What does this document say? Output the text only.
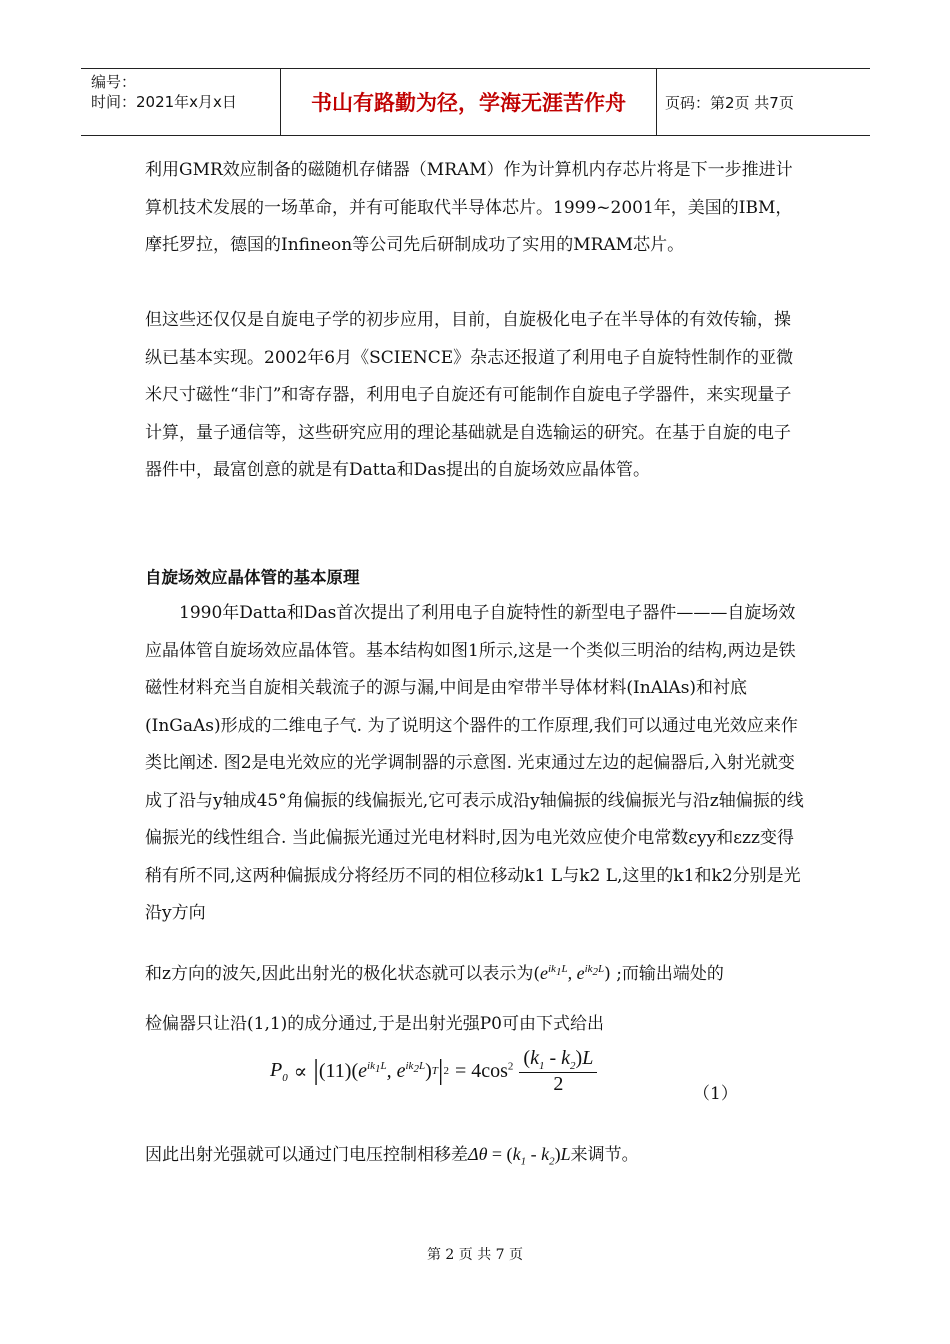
编号：
时间：2021年x月x日	书山有路勤为径，学海无涯苦作舟	页码：第2页 共7页

利用GMR效应制备的磁随机存储器（MRAM）作为计算机内存芯片将是下一步推进计算机技术发展的一场革命，并有可能取代半导体芯片。1999~2001年，美国的IBM，摩托罗拉，德国的Infineon等公司先后研制成功了实用的MRAM芯片。

但这些还仅仅是自旋电子学的初步应用，目前，自旋极化电子在半导体的有效传输，操纵已基本实现。2002年6月《SCIENCE》杂志还报道了利用电子自旋特性制作的亚微米尺寸磁性“非门”和寄存器，利用电子自旋还有可能制作自旋电子学器件，来实现量子计算，量子通信等，这些研究应用的理论基础就是自选输运的研究。在基于自旋的电子器件中，最富创意的就是有Datta和Das提出的自旋场效应晶体管。

自旋场效应晶体管的基本原理

1990年Datta和Das首次提出了利用电子自旋特性的新型电子器件———自旋场效应晶体管自旋场效应晶体管。基本结构如图1所示,这是一个类似三明治的结构,两边是铁磁性材料充当自旋相关载流子的源与漏,中间是由窄带半导体材料(InAlAs)和衬底(InGaAs)形成的二维电子气. 为了说明这个器件的工作原理,我们可以通过电光效应来作类比阐述. 图2是电光效应的光学调制器的示意图. 光束通过左边的起偏器后,入射光就变成了沿与y轴成45°角偏振的线偏振光,它可表示成沿y轴偏振的线偏振光与沿z轴偏振的线偏振光的线性组合. 当此偏振光通过光电材料时,因为电光效应使介电常数εyy和εzz变得稍有所不同,这两种偏振成分将经历不同的相位移动k1 L与k2 L,这里的k1和k2分别是光沿y方向

和z方向的波矢,因此出射光的极化状态就可以表示为($e^{ik_1L}$, $e^{ik_2L}$) ;而输出端处的

检偏器只让沿(1,1)的成分通过,于是出射光强P0可由下式给出

$P_0$ ∝ | (11)( $e^{ik_1L}$, $e^{ik_2L}$ ) T | $2 = 4\cos^2$ $(k_1 - k_2)L$
2	（1）

因此出射光强就可以通过门电压控制相移差$\Delta\theta = (k_1 - k_2)L$来调节。

第 2 页 共 7 页
